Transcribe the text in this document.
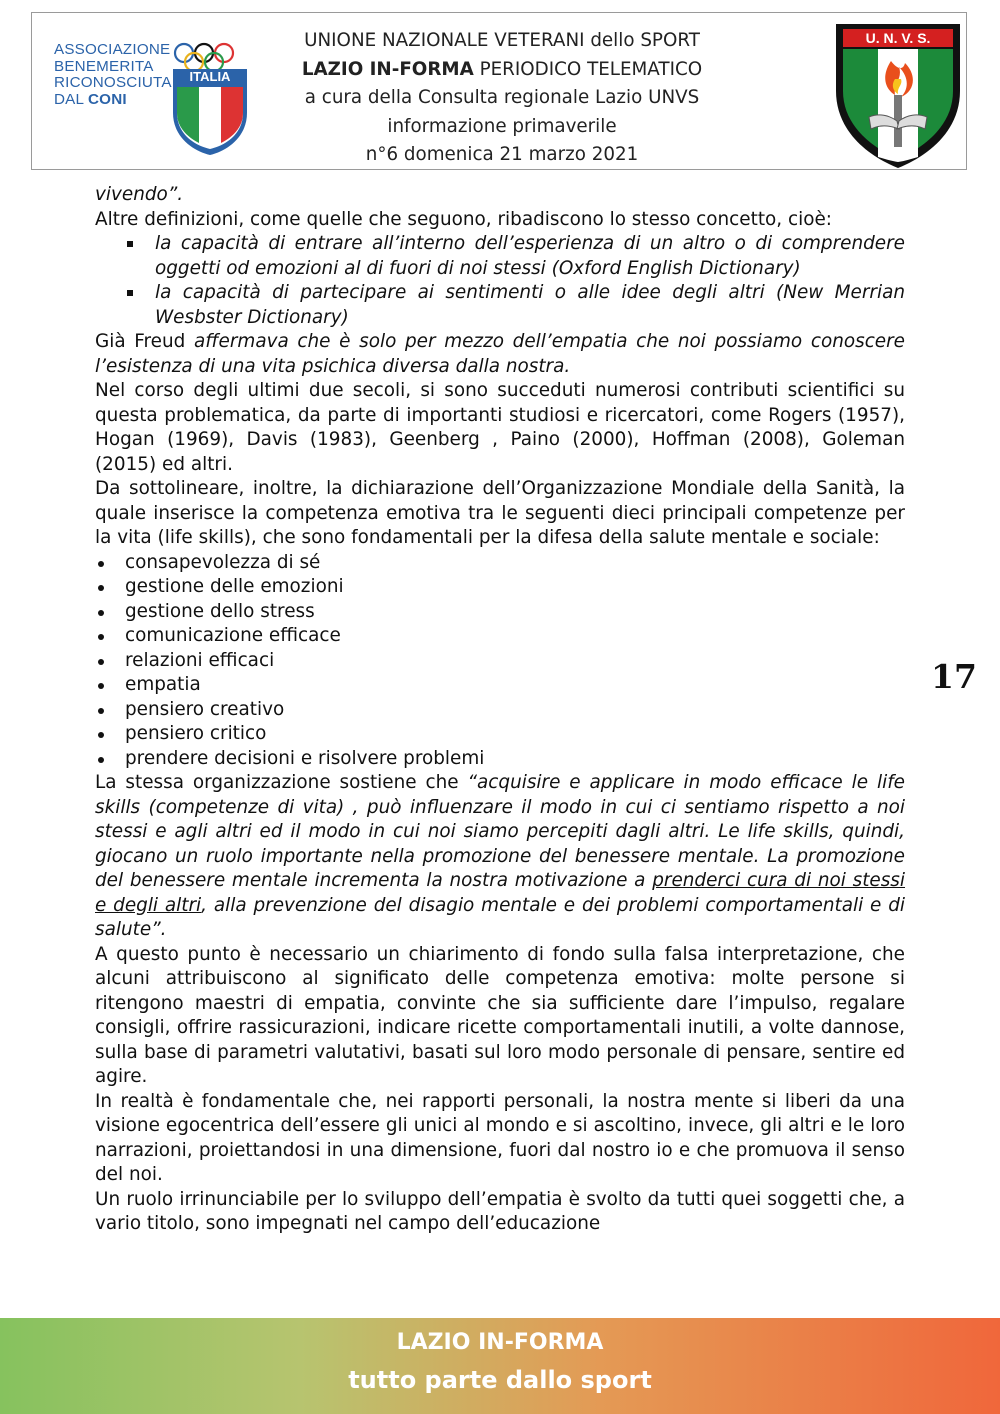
ASSOCIAZIONE
BENEMERITA
RICONOSCIUTA
DAL CONI
ITALIA
UNIONE NAZIONALE VETERANI dello SPORT
LAZIO IN-FORMA PERIODICO TELEMATICO
a cura della Consulta regionale Lazio UNVS
informazione primaverile
n°6 domenica 21 marzo 2021
U. N. V. S.
17

vivendo”.

Altre definizioni, come quelle che seguono, ribadiscono lo stesso concetto, cioè:

la capacità di entrare all’interno dell’esperienza di un altro o di comprendere oggetti od emozioni al di fuori di noi stessi (Oxford English Dictionary)
la capacità di partecipare ai sentimenti o alle idee degli altri (New Merrian Wesbster Dictionary)

Già Freud affermava che è solo per mezzo dell’empatia che noi possiamo conoscere l’esistenza di una vita psichica diversa dalla nostra.

Nel corso degli ultimi due secoli, si sono succeduti numerosi contributi scientifici su questa problematica, da parte di importanti studiosi e ricercatori, come Rogers (1957), Hogan (1969), Davis (1983), Geenberg , Paino (2000), Hoffman (2008), Goleman (2015) ed altri.

Da sottolineare, inoltre, la dichiarazione dell’Organizzazione Mondiale della Sanità, la quale inserisce la competenza emotiva tra le seguenti dieci principali competenze per la vita (life skills), che sono fondamentali per la difesa della salute mentale e sociale:

consapevolezza di sé
gestione delle emozioni
gestione dello stress
comunicazione efficace
relazioni efficaci
empatia
pensiero creativo
pensiero critico
prendere decisioni e risolvere problemi

La stessa organizzazione sostiene che “acquisire e applicare in modo efficace le life skills (competenze di vita) , può influenzare il modo in cui ci sentiamo rispetto a noi stessi e agli altri ed il modo in cui noi siamo percepiti dagli altri. Le life skills, quindi, giocano un ruolo importante nella promozione del benessere mentale. La promozione del benessere mentale incrementa la nostra motivazione a prenderci cura di noi stessi e degli altri, alla prevenzione del disagio mentale e dei problemi comportamentali e di salute”.

A questo punto è necessario un chiarimento di fondo sulla falsa interpretazione, che alcuni attribuiscono al significato delle competenza emotiva: molte persone si ritengono maestri di empatia, convinte che sia sufficiente dare l’impulso, regalare consigli, offrire rassicurazioni, indicare ricette comportamentali inutili, a volte dannose, sulla base di parametri valutativi, basati sul loro modo personale di pensare, sentire ed agire.

In realtà è fondamentale che, nei rapporti personali, la nostra mente si liberi da una visione egocentrica dell’essere gli unici al mondo e si ascoltino, invece, gli altri e le loro narrazioni, proiettandosi in una dimensione, fuori dal nostro io e che promuova il senso del noi.

Un ruolo irrinunciabile per lo sviluppo dell’empatia è svolto da tutti quei soggetti che, a vario titolo, sono impegnati nel campo dell’educazione

LAZIO IN-FORMA
tutto parte dallo sport
